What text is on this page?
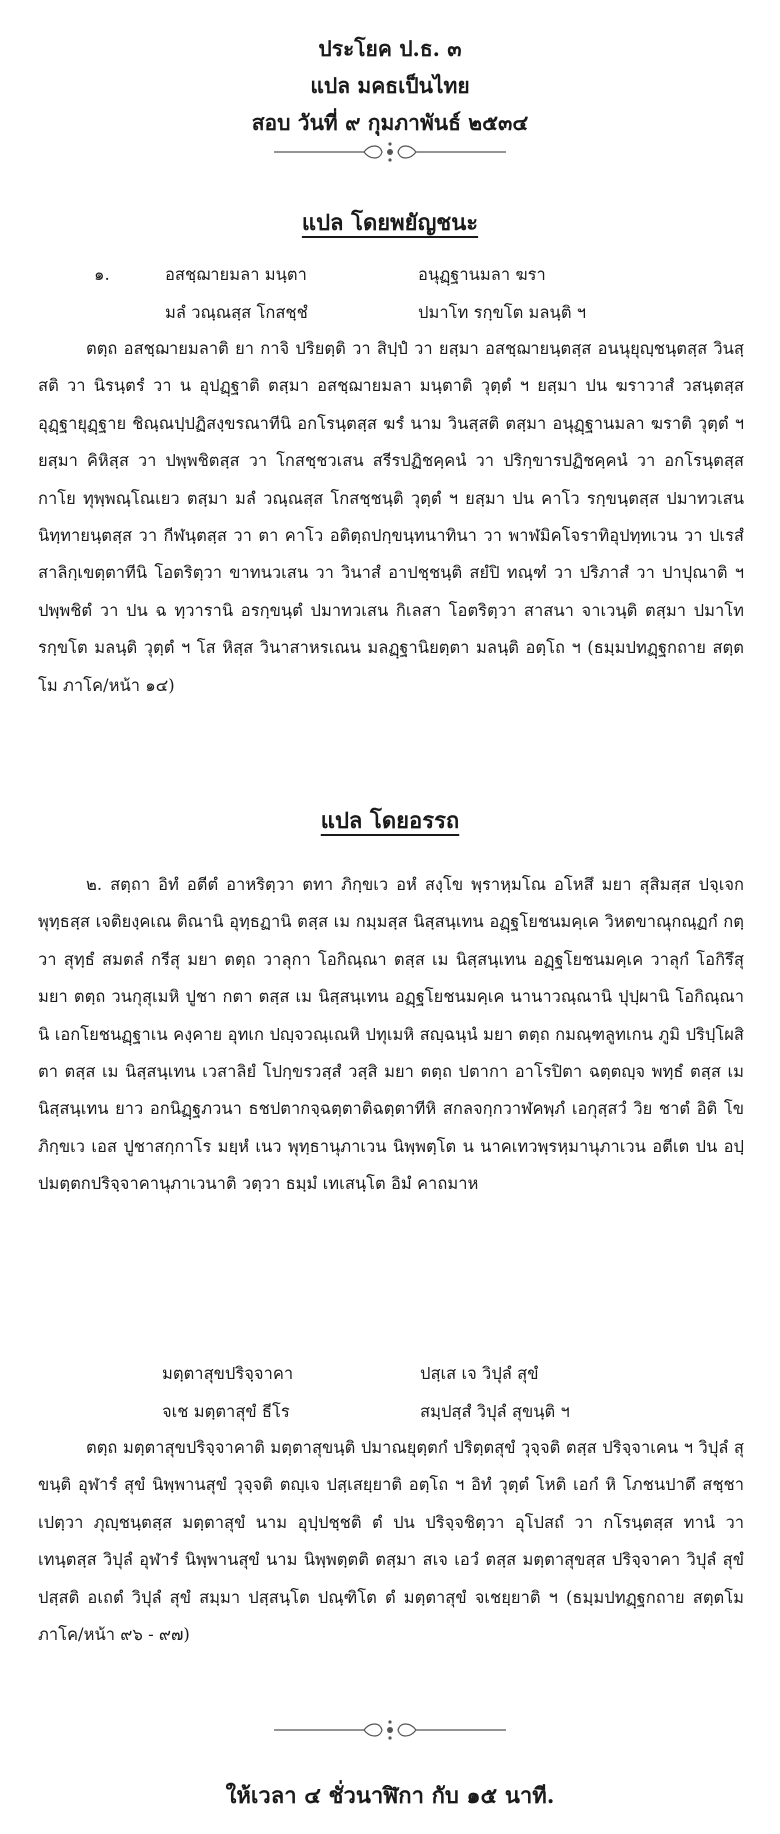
ประโยค ป.ธ. ๓
แปล มคธเป็นไทย
สอบ วันที่ ๙ กุมภาพันธ์ ๒๕๓๔
แปล โดยพยัญชนะ
๑.	อสชฺฌายมลา มนฺตา	อนุฏฺฐานมลา ฆรา
มลํ วณฺณสฺส โกสชฺชํ	ปมาโท รกฺขโต มลนฺติ ฯ

ตตฺถ อสชฺฌายมลาติ ยา กาจิ ปริยตฺติ วา สิปฺปํ วา ยสฺมา อสชฺฌายนฺตสฺส อนนุยุญฺชนฺตสฺส วินสฺสติ วา นิรนฺตรํ วา น อุปฏฺฐาติ ตสฺมา อสชฺฌายมลา มนฺตาติ วุตฺตํ ฯ ยสฺมา ปน ฆราวาสํ วสนฺตสฺส อุฏฺฐายุฏฺฐาย ชิณฺณปฺปฏิสงฺขรณาทีนิ อกโรนฺตสฺส ฆรํ นาม วินสฺสติ ตสฺมา อนุฏฺฐานมลา ฆราติ วุตฺตํ ฯ ยสฺมา คิหิสฺส วา ปพฺพชิตสฺส วา โกสชฺชวเสน สรีรปฏิชคฺคนํ วา ปริกฺขารปฏิชคฺคนํ วา อกโรนฺตสฺส กาโย ทุพฺพณฺโณเยว ตสฺมา มลํ วณฺณสฺส โกสชฺชนฺติ วุตฺตํ ฯ ยสฺมา ปน คาโว รกฺขนฺตสฺส ปมาทวเสน นิทฺทายนฺตสฺส วา กีฬนฺตสฺส วา ตา คาโว อติตฺถปกฺขนฺทนาทินา วา พาฬมิคโจราทิอุปทฺทเวน วา ปเรสํ สาลิกฺเขตฺตาทีนิ โอตริตฺวา ขาทนวเสน วา วินาสํ อาปชฺชนฺติ สยํปิ ทณฺฑํ วา ปริภาสํ วา ปาปุณาติ ฯ ปพฺพชิตํ วา ปน ฉ ทฺวารานิ อรกฺขนฺตํ ปมาทวเสน กิเลสา โอตริตฺวา สาสนา จาเวนฺติ ตสฺมา ปมาโท รกฺขโต มลนฺติ วุตฺตํ ฯ โส หิสฺส วินาสาหรเณน มลฏฺฐานิยตฺตา มลนฺติ อตฺโถ ฯ (ธมฺมปทฏฺฐกถาย สตฺตโม ภาโค/หน้า ๑๔)

แปล โดยอรรถ

๒. สตฺถา อิทํ อตีตํ อาหริตฺวา ตทา ภิกฺขเว อหํ สงฺโข พฺราหฺมโณ อโหสึ มยา สุสิมสฺส ปจฺเจกพุทฺธสฺส เจติยงฺคเณ ติณานิ อุทฺธฏานิ ตสฺส เม กมฺมสฺส นิสฺสนฺเทน อฏฺฐโยชนมคฺเค วิหตขาณุกณฺฏกํ กตฺวา สุทฺธํ สมตลํ กรีสุ มยา ตตฺถ วาลุกา โอกิณฺณา ตสฺส เม นิสฺสนฺเทน อฏฺฐโยชนมคฺเค วาลุกํ โอกิรึสุ มยา ตตฺถ วนกุสุเมหิ ปูชา กตา ตสฺส เม นิสฺสนฺเทน อฏฺฐโยชนมคฺเค นานาวณฺณานิ ปุปฺผานิ โอกิณฺณานิ เอกโยชนฏฺฐาเน คงฺคาย อุทเก ปญฺจวณฺเณหิ ปทุเมหิ สญฺฉนฺนํ มยา ตตฺถ กมณฺฑลูทเกน ภูมิ ปริปฺโผสิตา ตสฺส เม นิสฺสนฺเทน เวสาลิยํ โปกฺขรวสฺสํ วสฺสิ มยา ตตฺถ ปตากา อาโรปิตา ฉตฺตญฺจ พทฺธํ ตสฺส เม นิสฺสนฺเทน ยาว อกนิฏฺฐภวนา ธชปตากจฺฉตฺตาติฉตฺตาทีหิ สกลจกฺกวาฬคพฺภํ เอกุสฺสวํ วิย ชาตํ อิติ โข ภิกฺขเว เอส ปูชาสกฺกาโร มยฺหํ เนว พุทฺธานุภาเวน นิพฺพตฺโต น นาคเทวพฺรหฺมานุภาเวน อตีเต ปน อปฺปมตฺตกปริจฺจาคานุภาเวนาติ วตฺวา ธมฺมํ เทเสนฺโต อิมํ คาถมาห

มตฺตาสุขปริจฺจาคา	ปสฺเส เจ วิปุลํ สุขํ
จเช มตฺตาสุขํ ธีโร	สมฺปสฺสํ วิปุลํ สุขนฺติ ฯ

ตตฺถ มตฺตาสุขปริจฺจาคาติ มตฺตาสุขนฺติ ปมาณยุตฺตกํ ปริตฺตสุขํ วุจฺจติ ตสฺส ปริจฺจาเคน ฯ วิปุลํ สุขนฺติ อุฬารํ สุขํ นิพฺพานสุขํ วุจฺจติ ตญฺเจ ปสฺเสยฺยาติ อตฺโถ ฯ อิทํ วุตฺตํ โหติ เอกํ หิ โภชนปาตึ สชฺชาเปตฺวา ภุญฺชนฺตสฺส มตฺตาสุขํ นาม อุปฺปชฺชติ ตํ ปน ปริจฺจชิตฺวา อุโปสถํ วา กโรนฺตสฺส ทานํ วา เทนฺตสฺส วิปุลํ อุฬารํ นิพฺพานสุขํ นาม นิพฺพตฺตติ ตสฺมา สเจ เอวํ ตสฺส มตฺตาสุขสฺส ปริจฺจาคา วิปุลํ สุขํ ปสฺสติ อเถตํ วิปุลํ สุขํ สมฺมา ปสฺสนฺโต ปณฺฑิโต ตํ มตฺตาสุขํ จเชยฺยาติ ฯ (ธมฺมปทฏฺฐกถาย สตฺตโม ภาโค/หน้า ๙๖ - ๙๗)

ให้เวลา ๔ ชั่วนาฬิกา กับ ๑๕ นาที.
